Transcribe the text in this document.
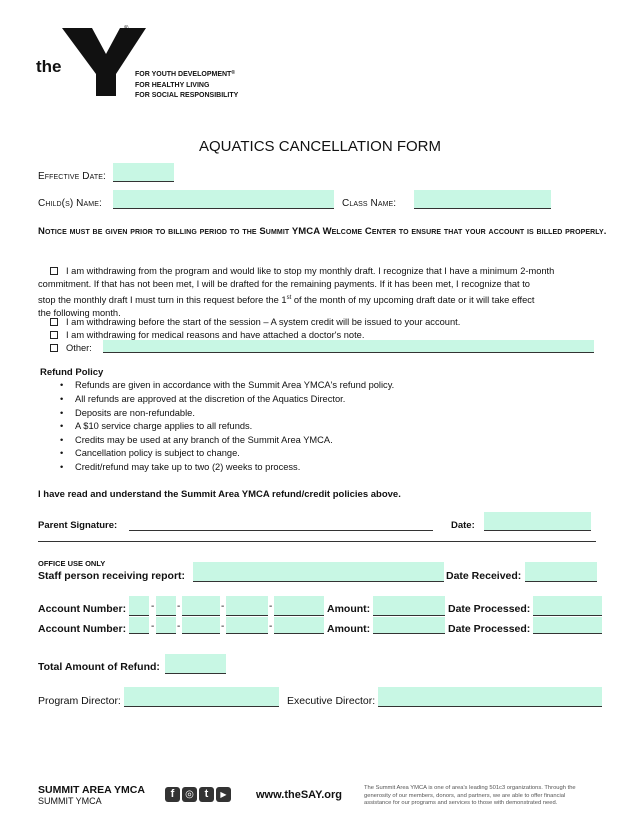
the
YMCA
®
FOR YOUTH DEVELOPMENT®
FOR HEALTHY LIVING
FOR SOCIAL RESPONSIBILITY
AQUATICS CANCELLATION FORM
Effective Date:
Child(s) Name:	Class Name:
Notice must be given prior to billing period to the Summit YMCA Welcome Center to ensure that your account is billed properly.
I am withdrawing from the program and would like to stop my monthly draft. I recognize that I have a minimum 2-month
commitment. If that has not been met, I will be drafted for the remaining payments. If it has been met, I recognize that to
stop the monthly draft I must turn in this request before the 1st of the month of my upcoming draft date or it will take effect
the following month.
I am withdrawing before the start of the session – A system credit will be issued to your account.
I am withdrawing for medical reasons and have attached a doctor's note.
Other:
Refund Policy
• Refunds are given in accordance with the Summit Area YMCA's refund policy.
• All refunds are approved at the discretion of the Aquatics Director.
• Deposits are non-refundable.
• A $10 service charge applies to all refunds.
• Credits may be used at any branch of the Summit Area YMCA.
• Cancellation policy is subject to change.
• Credit/refund may take up to two (2) weeks to process.
I have read and understand the Summit Area YMCA refund/credit policies above.
Parent Signature:	Date:
OFFICE USE ONLY
Staff person receiving report:	Date Received:
Account Number: - -	-	-	Amount:	Date Processed:
Account Number: - -	-	-	Amount:	Date Processed:
Total Amount of Refund:
Program Director:	Executive Director:
SUMMIT AREA YMCA
SUMMIT YMCA
f	◎ t	▶	www.theSAY.org
The Summit Area YMCA is one of area's leading 501c3 organizations. Through the
generosity of our members, donors, and partners, we are able to offer financial
assistance for our programs and services to those with demonstrated need.
